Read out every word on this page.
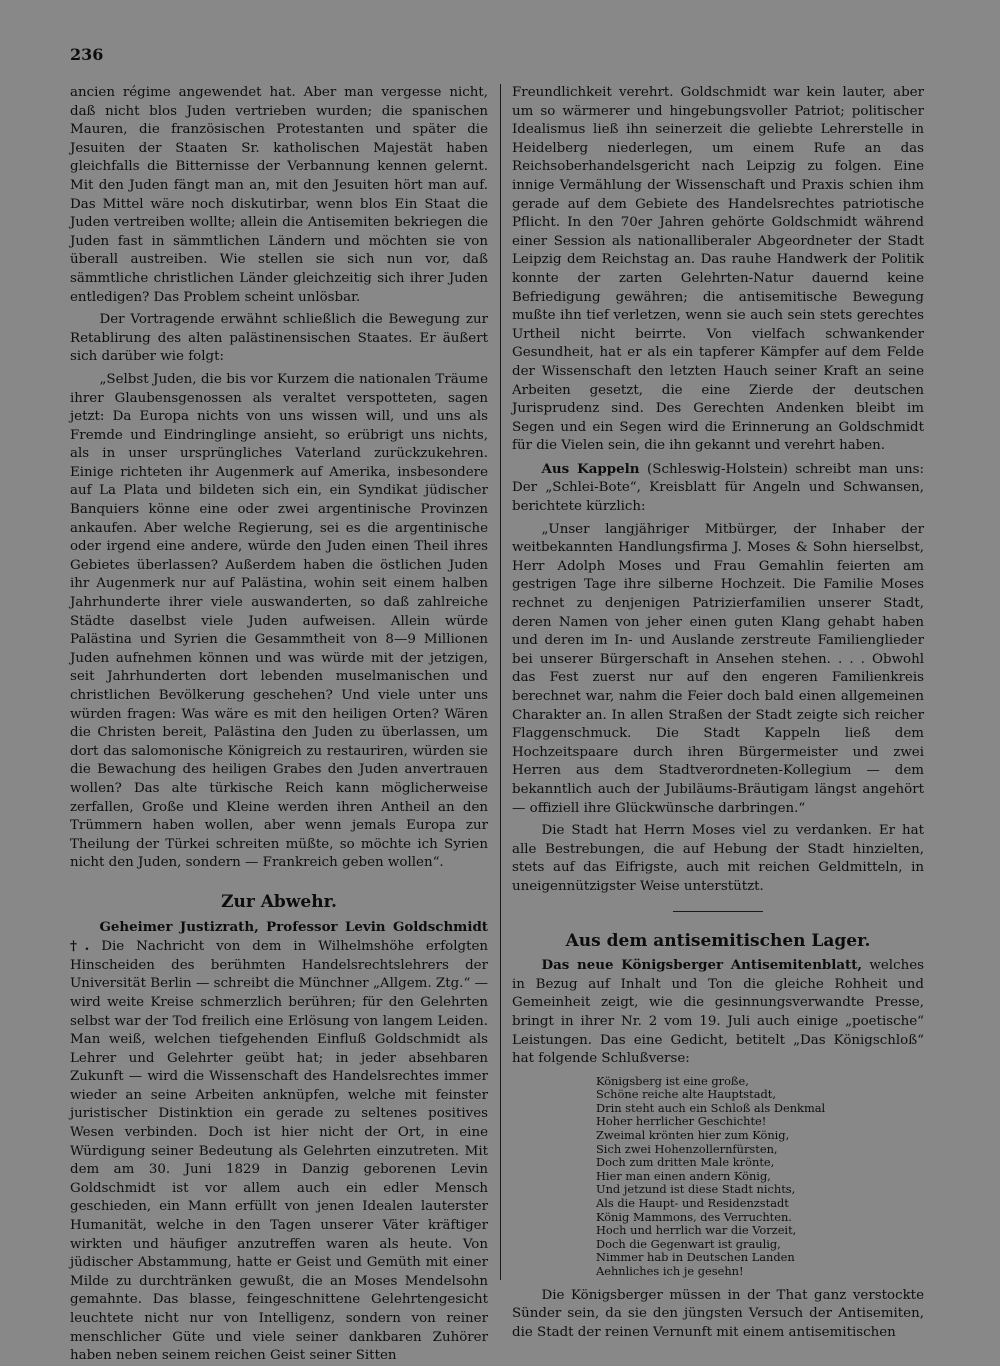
236

ancien régime angewendet hat. Aber man vergesse nicht, daß nicht blos Juden vertrieben wurden; die spanischen Mauren, die französischen Protestanten und später die Jesuiten der Staaten Sr. katholischen Majestät haben gleichfalls die Bitternisse der Verbannung kennen gelernt. Mit den Juden fängt man an, mit den Jesuiten hört man auf. Das Mittel wäre noch diskutirbar, wenn blos Ein Staat die Juden vertreiben wollte; allein die Antisemiten bekriegen die Juden fast in sämmtlichen Ländern und möchten sie von überall austreiben. Wie stellen sie sich nun vor, daß sämmtliche christlichen Länder gleichzeitig sich ihrer Juden entledigen? Das Problem scheint unlösbar.

Der Vortragende erwähnt schließlich die Bewegung zur Retablirung des alten palästinensischen Staates. Er äußert sich darüber wie folgt:

„Selbst Juden, die bis vor Kurzem die nationalen Träume ihrer Glaubensgenossen als veraltet verspotteten, sagen jetzt: Da Europa nichts von uns wissen will, und uns als Fremde und Eindringlinge ansieht, so erübrigt uns nichts, als in unser ursprüngliches Vaterland zurückzukehren. Einige richteten ihr Augenmerk auf Amerika, insbesondere auf La Plata und bildeten sich ein, ein Syndikat jüdischer Banquiers könne eine oder zwei argentinische Provinzen ankaufen. Aber welche Regierung, sei es die argentinische oder irgend eine andere, würde den Juden einen Theil ihres Gebietes überlassen? Außerdem haben die östlichen Juden ihr Augenmerk nur auf Palästina, wohin seit einem halben Jahrhunderte ihrer viele auswanderten, so daß zahlreiche Städte daselbst viele Juden aufweisen. Allein würde Palästina und Syrien die Gesammtheit von 8—9 Millionen Juden aufnehmen können und was würde mit der jetzigen, seit Jahrhunderten dort lebenden muselmanischen und christlichen Bevölkerung geschehen? Und viele unter uns würden fragen: Was wäre es mit den heiligen Orten? Wären die Christen bereit, Palästina den Juden zu überlassen, um dort das salomonische Königreich zu restauriren, würden sie die Bewachung des heiligen Grabes den Juden anvertrauen wollen? Das alte türkische Reich kann möglicherweise zerfallen, Große und Kleine werden ihren Antheil an den Trümmern haben wollen, aber wenn jemals Europa zur Theilung der Türkei schreiten müßte, so möchte ich Syrien nicht den Juden, sondern — Frankreich geben wollen“.

Zur Abwehr.

Geheimer Justizrath, Professor Levin Goldschmidt †. Die Nachricht von dem in Wilhelmshöhe erfolgten Hinscheiden des berühmten Handelsrechtslehrers der Universität Berlin — schreibt die Münchner „Allgem. Ztg.“ — wird weite Kreise schmerzlich berühren; für den Gelehrten selbst war der Tod freilich eine Erlösung von langem Leiden. Man weiß, welchen tiefgehenden Einfluß Goldschmidt als Lehrer und Gelehrter geübt hat; in jeder absehbaren Zukunft — wird die Wissenschaft des Handelsrechtes immer wieder an seine Arbeiten anknüpfen, welche mit feinster juristischer Distinktion ein gerade zu seltenes positives Wesen verbinden. Doch ist hier nicht der Ort, in eine Würdigung seiner Bedeutung als Gelehrten einzutreten. Mit dem am 30. Juni 1829 in Danzig geborenen Levin Goldschmidt ist vor allem auch ein edler Mensch geschieden, ein Mann erfüllt von jenen Idealen lauterster Humanität, welche in den Tagen unserer Väter kräftiger wirkten und häufiger anzutreffen waren als heute. Von jüdischer Abstammung, hatte er Geist und Gemüth mit einer Milde zu durchtränken gewußt, die an Moses Mendelsohn gemahnte. Das blasse, feingeschnittene Gelehrtengesicht leuchtete nicht nur von Intelligenz, sondern von reiner menschlicher Güte und viele seiner dankbaren Zuhörer haben neben seinem reichen Geist seiner Sitten

Freundlichkeit verehrt. Goldschmidt war kein lauter, aber um so wärmerer und hingebungsvoller Patriot; politischer Idealismus ließ ihn seinerzeit die geliebte Lehrerstelle in Heidelberg niederlegen, um einem Rufe an das Reichsoberhandelsgericht nach Leipzig zu folgen. Eine innige Vermählung der Wissenschaft und Praxis schien ihm gerade auf dem Gebiete des Handelsrechtes patriotische Pflicht. In den 70er Jahren gehörte Goldschmidt während einer Session als nationalliberaler Abgeordneter der Stadt Leipzig dem Reichstag an. Das rauhe Handwerk der Politik konnte der zarten Gelehrten-Natur dauernd keine Befriedigung gewähren; die antisemitische Bewegung mußte ihn tief verletzen, wenn sie auch sein stets gerechtes Urtheil nicht beirrte. Von vielfach schwankender Gesundheit, hat er als ein tapferer Kämpfer auf dem Felde der Wissenschaft den letzten Hauch seiner Kraft an seine Arbeiten gesetzt, die eine Zierde der deutschen Jurisprudenz sind. Des Gerechten Andenken bleibt im Segen und ein Segen wird die Erinnerung an Goldschmidt für die Vielen sein, die ihn gekannt und verehrt haben.

Aus Kappeln (Schleswig-Holstein) schreibt man uns: Der „Schlei-Bote“, Kreisblatt für Angeln und Schwansen, berichtete kürzlich:

„Unser langjähriger Mitbürger, der Inhaber der weitbekannten Handlungsfirma J. Moses & Sohn hierselbst, Herr Adolph Moses und Frau Gemahlin feierten am gestrigen Tage ihre silberne Hochzeit. Die Familie Moses rechnet zu denjenigen Patrizierfamilien unserer Stadt, deren Namen von jeher einen guten Klang gehabt haben und deren im In- und Auslande zerstreute Familienglieder bei unserer Bürgerschaft in Ansehen stehen. . . . Obwohl das Fest zuerst nur auf den engeren Familienkreis berechnet war, nahm die Feier doch bald einen allgemeinen Charakter an. In allen Straßen der Stadt zeigte sich reicher Flaggenschmuck. Die Stadt Kappeln ließ dem Hochzeitspaare durch ihren Bürgermeister und zwei Herren aus dem Stadtverordneten-Kollegium — dem bekanntlich auch der Jubiläums-Bräutigam längst angehört — offiziell ihre Glückwünsche darbringen.“

Die Stadt hat Herrn Moses viel zu verdanken. Er hat alle Bestrebungen, die auf Hebung der Stadt hinzielten, stets auf das Eifrigste, auch mit reichen Geldmitteln, in uneigennützigster Weise unterstützt.

Aus dem antisemitischen Lager.

Das neue Königsberger Antisemitenblatt, welches in Bezug auf Inhalt und Ton die gleiche Rohheit und Gemeinheit zeigt, wie die gesinnungsverwandte Presse, bringt in ihrer Nr. 2 vom 19. Juli auch einige „poetische“ Leistungen. Das eine Gedicht, betitelt „Das Königschloß“ hat folgende Schlußverse:

Königsberg ist eine große,
Schöne reiche alte Hauptstadt,
Drin steht auch ein Schloß als Denkmal
Hoher herrlicher Geschichte!
Zweimal krönten hier zum König,
Sich zwei Hohenzollernfürsten,
Doch zum dritten Male krönte,
Hier man einen andern König,
Und jetzund ist diese Stadt nichts,
Als die Haupt- und Residenzstadt
König Mammons, des Verruchten.
Hoch und herrlich war die Vorzeit,
Doch die Gegenwart ist graulig,
Nimmer hab in Deutschen Landen
Aehnliches ich je gesehn!

Die Königsberger müssen in der That ganz verstockte Sünder sein, da sie den jüngsten Versuch der Antisemiten, die Stadt der reinen Vernunft mit einem antisemitischen
